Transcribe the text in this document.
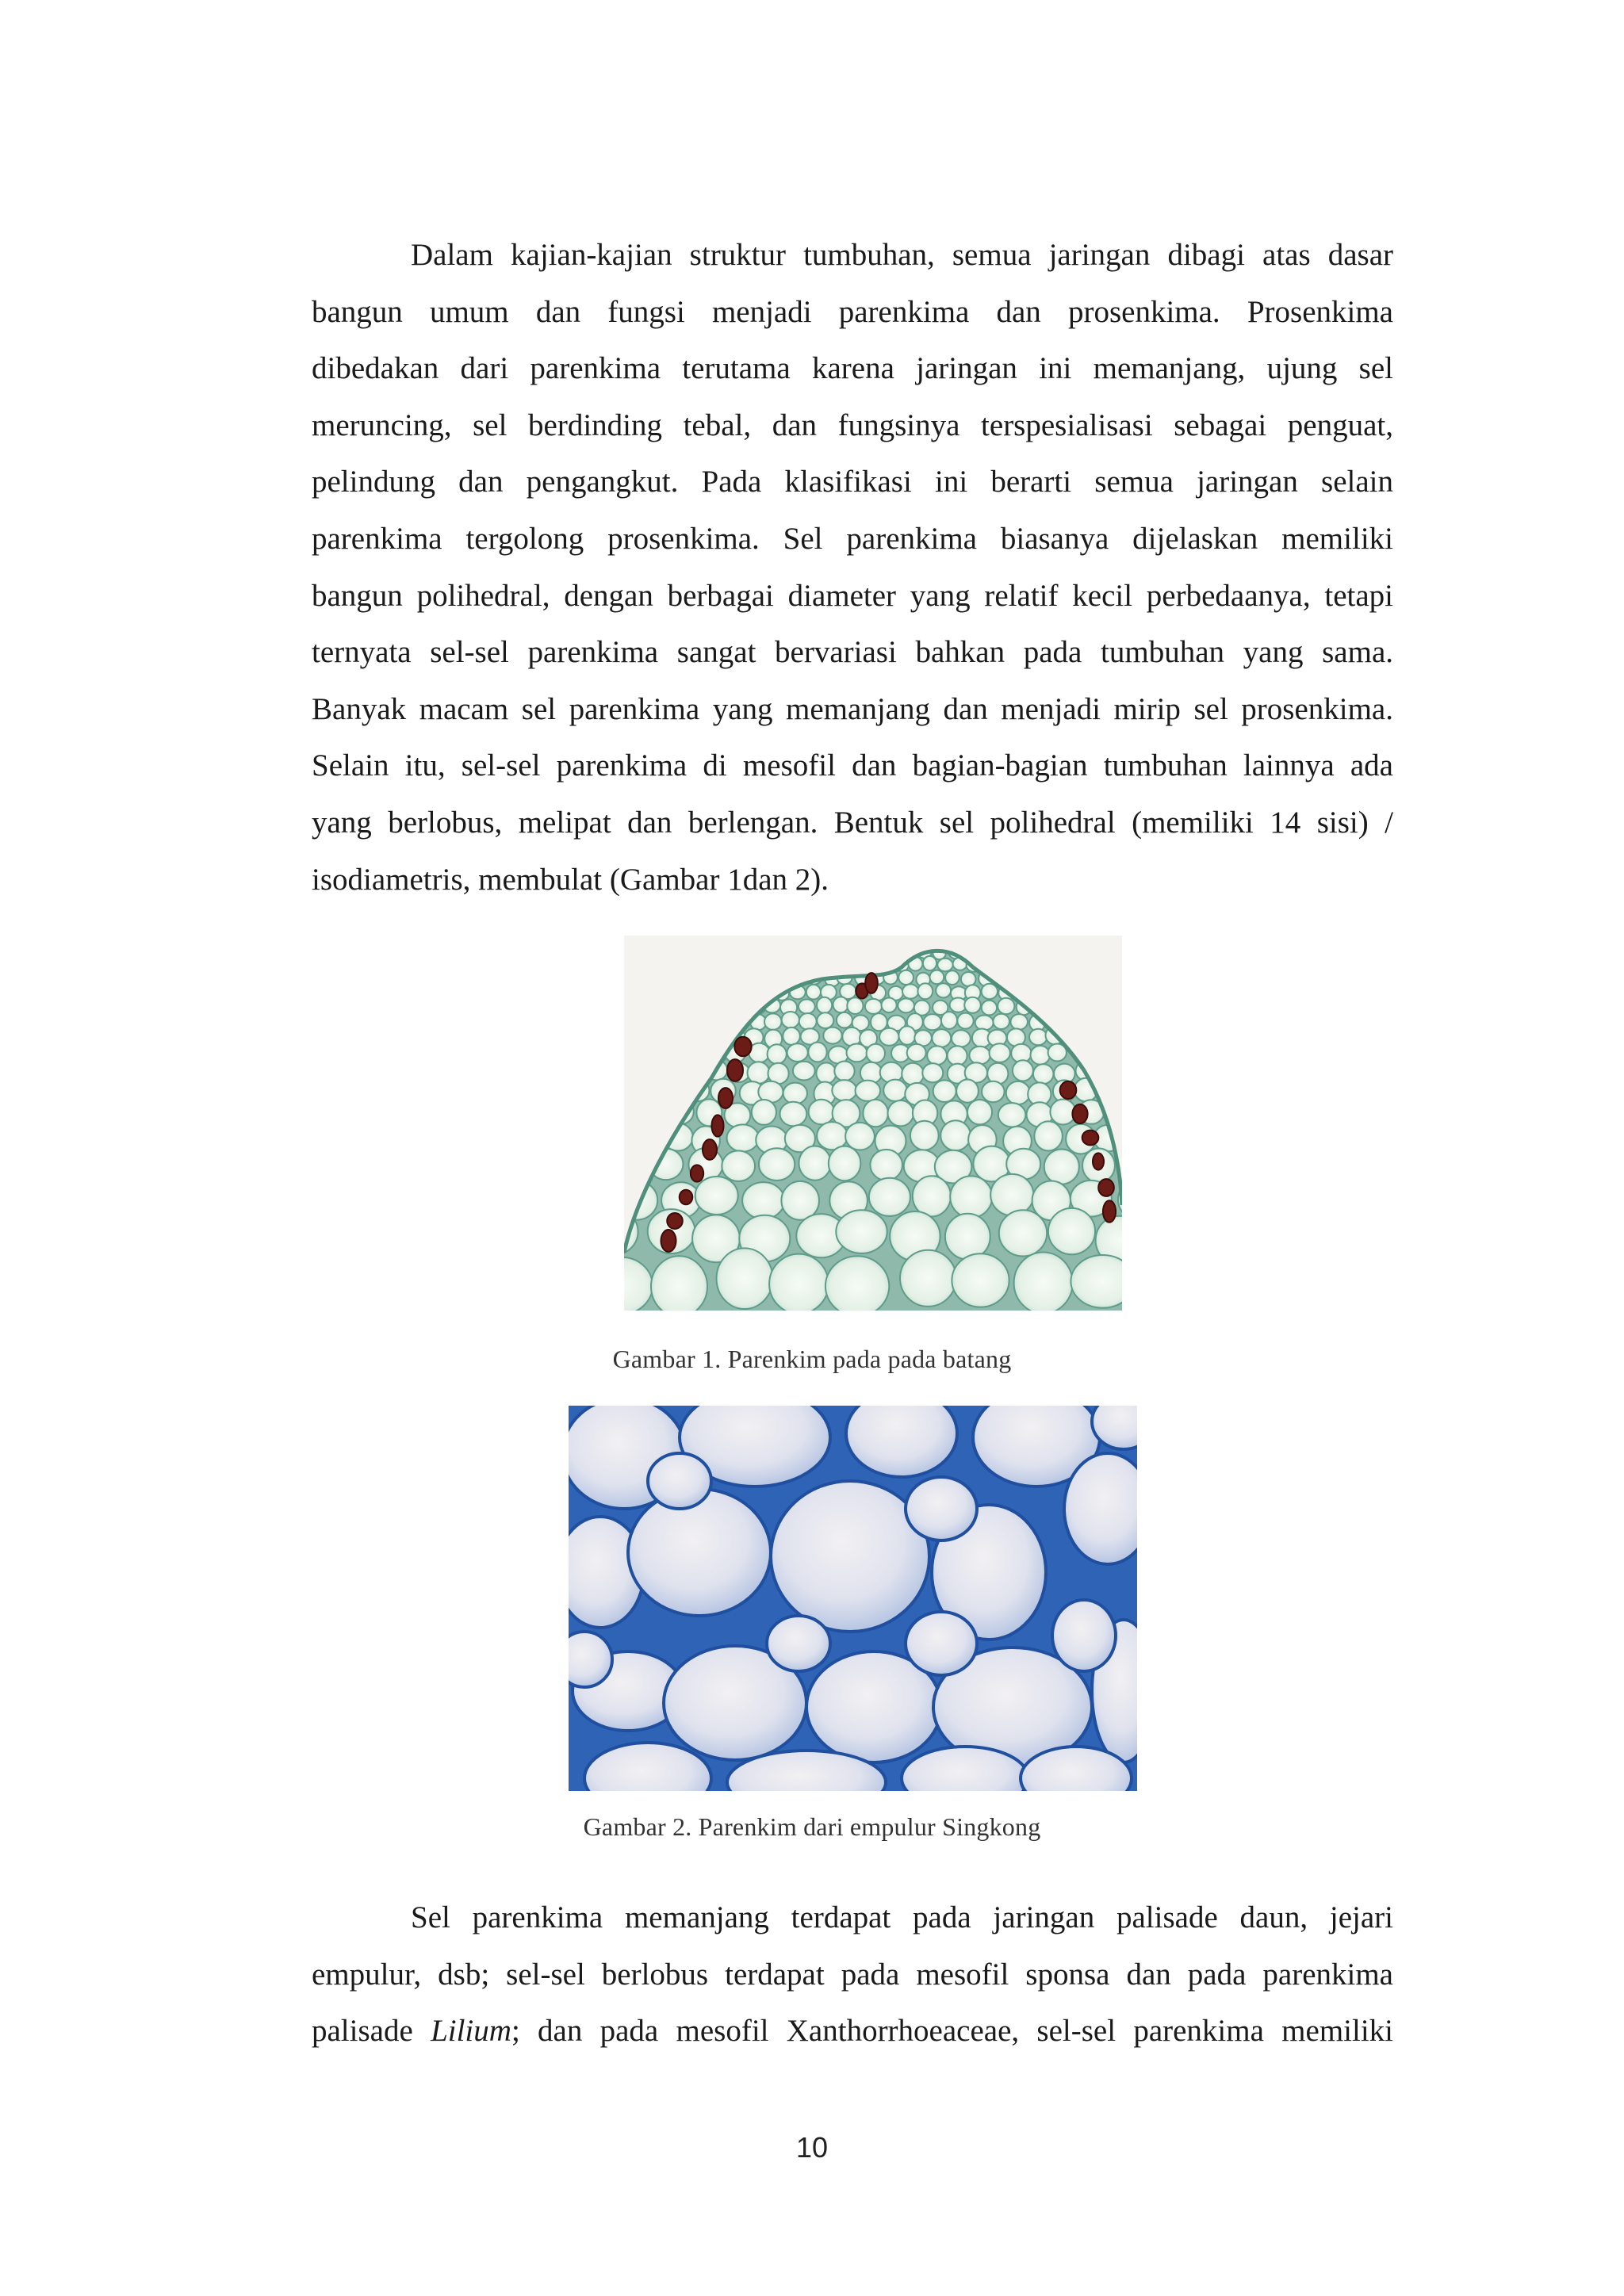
Dalam kajian-kajian struktur tumbuhan, semua jaringan dibagi atas dasar
bangun umum dan fungsi menjadi parenkima dan prosenkima. Prosenkima
dibedakan dari parenkima terutama karena jaringan ini memanjang, ujung sel
meruncing, sel berdinding tebal, dan fungsinya terspesialisasi sebagai penguat,
pelindung dan pengangkut. Pada klasifikasi ini berarti semua jaringan selain
parenkima tergolong prosenkima. Sel parenkima biasanya dijelaskan memiliki
bangun polihedral, dengan berbagai diameter yang relatif kecil perbedaanya, tetapi
ternyata sel-sel parenkima sangat bervariasi bahkan pada tumbuhan yang sama.
Banyak macam sel parenkima yang memanjang dan menjadi mirip sel prosenkima.
Selain itu, sel-sel parenkima di mesofil dan bagian-bagian tumbuhan lainnya ada
yang berlobus, melipat dan berlengan. Bentuk sel polihedral (memiliki 14 sisi) /
isodiametris, membulat (Gambar 1dan 2).
Gambar 1. Parenkim pada pada batang
Gambar 2. Parenkim dari empulur Singkong
Sel parenkima memanjang terdapat pada jaringan palisade daun, jejari
empulur, dsb; sel-sel berlobus terdapat pada mesofil sponsa dan pada parenkima
palisade Lilium; dan pada mesofil Xanthorrhoeaceae, sel-sel parenkima memiliki
10
